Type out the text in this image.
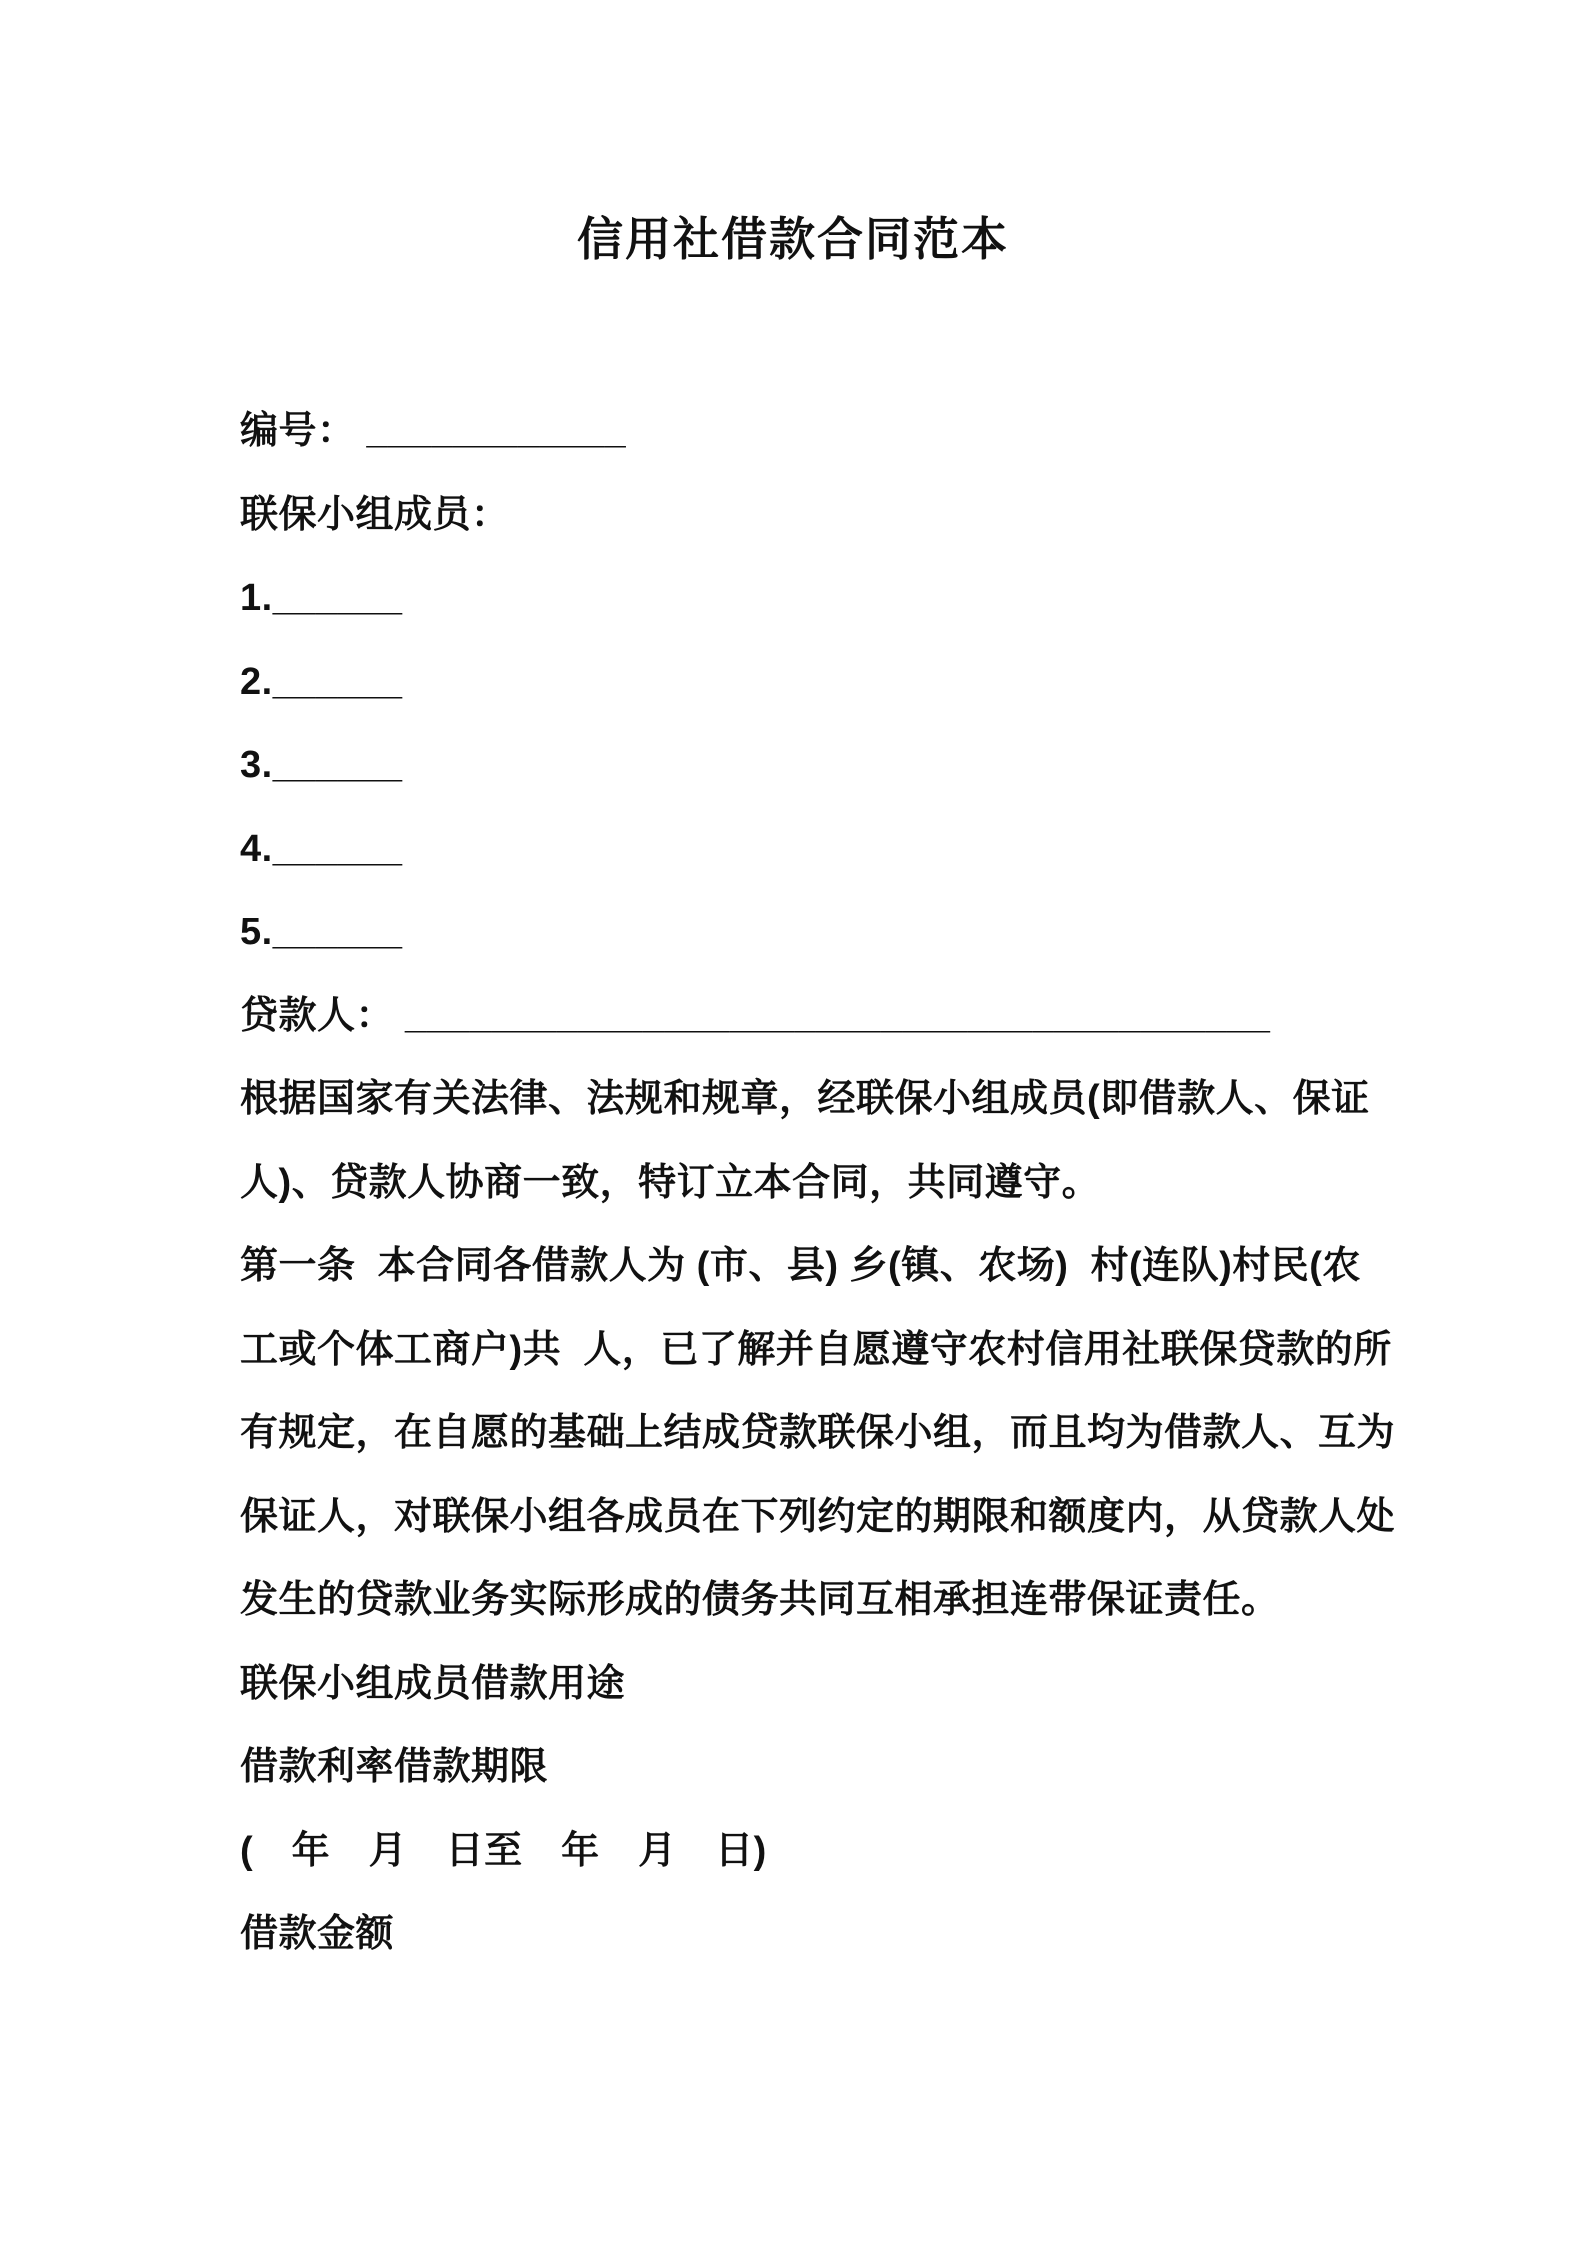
信用社借款合同范本
编号： ____________
联保小组成员：
1.______
2.______
3.______
4.______
5.______
贷款人： ________________________________________
根据国家有关法律、法规和规章，经联保小组成员(即借款人、保证
人)、贷款人协商一致，特订立本合同，共同遵守。
第一条  本合同各借款人为 (市、县) 乡(镇、农场)  村(连队)村民(农
工或个体工商户)共  人，已了解并自愿遵守农村信用社联保贷款的所
有规定，在自愿的基础上结成贷款联保小组，而且均为借款人、互为
保证人，对联保小组各成员在下列约定的期限和额度内，从贷款人处
发生的贷款业务实际形成的债务共同互相承担连带保证责任。
联保小组成员借款用途
借款利率借款期限
(　年　月　日至　年　月　日)
借款金额
